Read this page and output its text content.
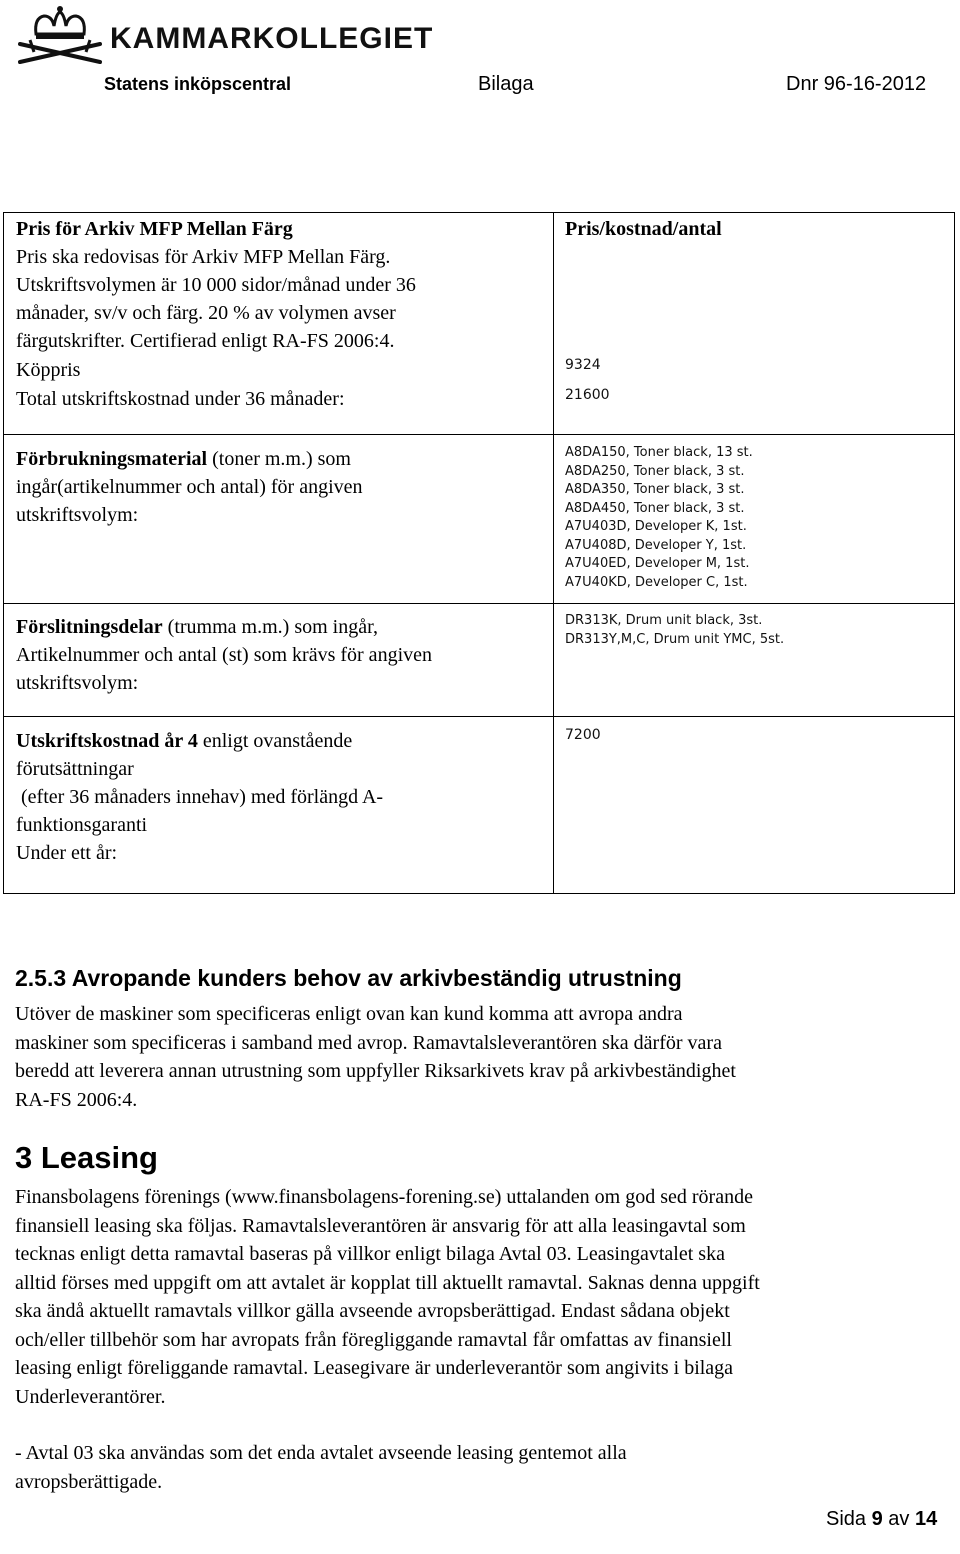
KAMMARKOLLEGIET
Statens inköpscentral	Bilaga	Dnr 96-16-2012
Pris för Arkiv MFP Mellan Färg
Pris ska redovisas för Arkiv MFP Mellan Färg.
Utskriftsvolymen är 10 000 sidor/månad under 36
månader, sv/v och färg. 20 % av volymen avser
färgutskrifter. Certifierad enligt RA-FS 2006:4.
Köppris
Total utskriftskostnad under 36 månader:
Pris/kostnad/antal
9324
21600
Förbrukningsmaterial (toner m.m.) som
ingår(artikelnummer och antal) för angiven
utskriftsvolym:
A8DA150, Toner black, 13 st.
A8DA250, Toner black, 3 st.
A8DA350, Toner black, 3 st.
A8DA450, Toner black, 3 st.
A7U403D, Developer K, 1st.
A7U408D, Developer Y, 1st.
A7U40ED, Developer M, 1st.
A7U40KD, Developer C, 1st.
Förslitningsdelar (trumma m.m.) som ingår,
Artikelnummer och antal (st) som krävs för angiven
utskriftsvolym:
DR313K, Drum unit black, 3st.
DR313Y,M,C, Drum unit YMC, 5st.
Utskriftskostnad år 4 enligt ovanstående
förutsättningar
(efter 36 månaders innehav) med förlängd A-
funktionsgaranti
Under ett år:
7200
2.5.3 Avropande kunders behov av arkivbeständig utrustning
Utöver de maskiner som specificeras enligt ovan kan kund komma att avropa andra
maskiner som specificeras i samband med avrop. Ramavtalsleverantören ska därför vara
beredd att leverera annan utrustning som uppfyller Riksarkivets krav på arkivbeständighet
RA-FS 2006:4.
3 Leasing
Finansbolagens förenings (www.finansbolagens-forening.se) uttalanden om god sed rörande
finansiell leasing ska följas. Ramavtalsleverantören är ansvarig för att alla leasingavtal som
tecknas enligt detta ramavtal baseras på villkor enligt bilaga Avtal 03. Leasingavtalet ska
alltid förses med uppgift om att avtalet är kopplat till aktuellt ramavtal. Saknas denna uppgift
ska ändå aktuellt ramavtals villkor gälla avseende avropsberättigad. Endast sådana objekt
och/eller tillbehör som har avropats från föregliggande ramavtal får omfattas av finansiell
leasing enligt föreliggande ramavtal. Leasegivare är underleverantör som angivits i bilaga
Underleverantörer.
- Avtal 03 ska användas som det enda avtalet avseende leasing gentemot alla
avropsberättigade.
Sida 9 av 14
